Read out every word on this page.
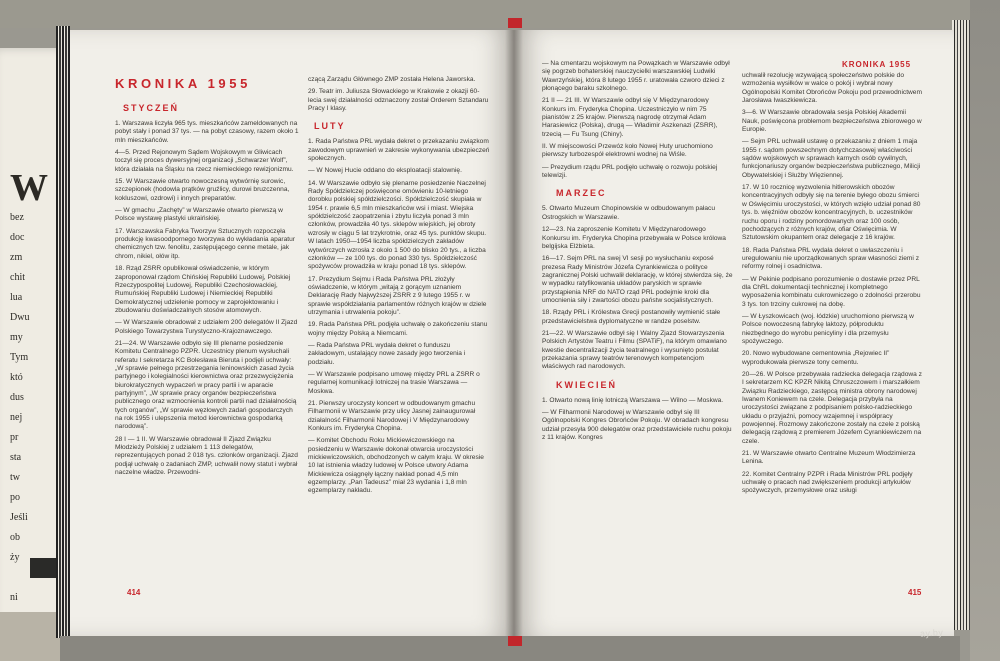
W
bez
doc
zm
chit
lua
Dwu
my
Tym
któ
dus
nej
pr
sta
tw
po
Jeśli
ob
ży

ni
KRONIKA 1955
STYCZEŃ

1. Warszawa liczyła 965 tys. mieszkańców zameldowanych na pobyt stały i ponad 37 tys. — na pobyt czasowy, razem około 1 mln mieszkańców.

4—5. Przed Rejonowym Sądem Wojskowym w Gliwicach toczył się proces dywersyjnej organizacji „Schwarzer Wolf”, która działała na Śląsku na rzecz niemieckiego rewizjonizmu.

15. W Warszawie otwarto nowoczesną wytwórnię surowic, szczepionek (hodowla prątków gruźlicy, durowi bruzczenna, kokluszowi, ozdrowi) i innych preparatów.

— W gmachu „Zachęty” w Warszawie otwarto pierwszą w Polsce wystawę plastyki ukraińskiej.

17. Warszawska Fabryka Tworzyw Sztucznych rozpoczęła produkcję kwasoodpornego tworzywa do wykładania aparatur chemicznych tzw. fenolitu, zastępującego cenne metale, jak chrom, nikiel, ołów itp.

18. Rząd ZSRR opublikował oświadczenie, w którym zaproponował rządom Chińskiej Republiki Ludowej, Polskiej Rzeczypospolitej Ludowej, Republiki Czechosłowackiej, Rumuńskiej Republiki Ludowej i Niemieckiej Republiki Demokratycznej udzielenie pomocy w zaprojektowaniu i zbudowaniu doświadczalnych stosów atomowych.

— W Warszawie obradował z udziałem 200 delegatów II Zjazd Polskiego Towarzystwa Turystyczno-Krajoznawczego.

21—24. W Warszawie odbyło się III plenarne posiedzenie Komitetu Centralnego PZPR. Uczestnicy plenum wysłuchali referatu I sekretarza KC Bolesława Bieruta i podjęli uchwały: „W sprawie pełnego przestrzegania leninowskich zasad życia partyjnego i kolegialności kierownictwa oraz przezwyciężenia biurokratycznych wypaczeń w pracy partii i w aparacie partyjnym”, „W sprawie pracy organów bezpieczeństwa publicznego oraz wzmocnienia kontroli partii nad działalnością tych organów”, „W sprawie węzłowych zadań gospodarczych na rok 1955 i ulepszenia metod kierownictwa gospodarką narodową”.

28 I — 1 II. W Warszawie obradował II Zjazd Związku Młodzieży Polskiej z udziałem 1 113 delegatów, reprezentujących ponad 2 018 tys. członków organizacji. Zjazd podjął uchwałę o zadaniach ZMP, uchwalił nowy statut i wybrał naczelne władze. Przewodni-

414

czącą Zarządu Głównego ZMP została Helena Jaworska.

29. Teatr im. Juliusza Słowackiego w Krakowie z okazji 60-lecia swej działalności odznaczony został Orderem Sztandaru Pracy I klasy.

LUTY

1. Rada Państwa PRL wydała dekret o przekazaniu związkom zawodowym uprawnień w zakresie wykonywania ubezpieczeń społecznych.

— W Nowej Hucie oddano do eksploatacji stalownię.

14. W Warszawie odbyło się plenarne posiedzenie Naczelnej Rady Spółdzielczej poświęcone omówieniu 10-letniego dorobku polskiej spółdzielczości. Spółdzielczość skupiała w 1954 r. prawie 6,5 mln mieszkańców wsi i miast. Wiejska spółdzielczość zaopatrzenia i zbytu liczyła ponad 3 mln członków, prowadziła 40 tys. sklepów wiejskich, jej obroty wzrosły w ciągu 5 lat trzykrotnie, oraz 45 tys. punktów skupu. W latach 1950—1954 liczba spółdzielczych zakładów wytwórczych wzrosła z około 1 500 do blisko 20 tys., a liczba członków — ze 100 tys. do ponad 330 tys. Spółdzielczość spożywców prowadziła w kraju ponad 18 tys. sklepów.

17. Prezydium Sejmu i Rada Państwa PRL złożyły oświadczenie, w którym „witają z gorącym uznaniem Deklarację Rady Najwyższej ZSRR z 9 lutego 1955 r. w sprawie współdziałania parlamentów różnych krajów w dziele utrzymania i utrwalenia pokoju”.

19. Rada Państwa PRL podjęła uchwałę o zakończeniu stanu wojny między Polską a Niemcami.

— Rada Państwa PRL wydała dekret o funduszu zakładowym, ustalający nowe zasady jego tworzenia i podziału.

— W Warszawie podpisano umowę między PRL a ZSRR o regularnej komunikacji lotniczej na trasie Warszawa — Moskwa.

21. Pierwszy uroczysty koncert w odbudowanym gmachu Filharmonii w Warszawie przy ulicy Jasnej zainaugurował działalność Filharmonii Narodowej i V Międzynarodowy Konkurs im. Fryderyka Chopina.

— Komitet Obchodu Roku Mickiewiczowskiego na posiedzeniu w Warszawie dokonał otwarcia uroczystości mickiewiczowskich, obchodzonych w całym kraju. W okresie 10 lat istnienia władzy ludowej w Polsce utwory Adama Mickiewicza osiągnęły łączny nakład ponad 4,5 mln egzemplarzy. „Pan Tadeusz” miał 23 wydania i 1,8 mln egzemplarzy nakładu.

— Na cmentarzu wojskowym na Powązkach w Warszawie odbył się pogrzeb bohaterskiej nauczycielki warszawskiej Ludwiki Wawrzyńskiej, która 8 lutego 1955 r. uratowała czworo dzieci z płonącego baraku szkolnego.

21 II — 21 III. W Warszawie odbył się V Międzynarodowy Konkurs im. Fryderyka Chopina. Uczestniczyło w nim 75 pianistów z 25 krajów. Pierwszą nagrodę otrzymał Adam Harasiewicz (Polska), drugą — Władimir Aszkenazi (ZSRR), trzecią — Fu Tsung (Chiny).

II. W miejscowości Przewóz koło Nowej Huty uruchomiono pierwszy turbozespół elektrowni wodnej na Wiśle.

— Prezydium rządu PRL podjęło uchwałę o rozwoju polskiej telewizji.

MARZEC

5. Otwarto Muzeum Chopinowskie w odbudowanym pałacu Ostrogskich w Warszawie.

12—23. Na zaproszenie Komitetu V Międzynarodowego Konkursu im. Fryderyka Chopina przebywała w Polsce królowa belgijska Elżbieta.

16—17. Sejm PRL na swej VI sesji po wysłuchaniu exposé prezesa Rady Ministrów Józefa Cyrankiewicza o polityce zagranicznej Polski uchwalił deklarację, w której stwierdza się, że w wypadku ratyfikowania układów paryskich w sprawie przystąpienia NRF do NATO rząd PRL podejmie kroki dla umocnienia siły i zwartości obozu państw socjalistycznych.

18. Rządy PRL i Królestwa Grecji postanowiły wymienić stałe przedstawicielstwa dyplomatyczne w randze poselstw.

21—22. W Warszawie odbył się I Walny Zjazd Stowarzyszenia Polskich Artystów Teatru i Filmu (SPATiF), na którym omawiano kwestie decentralizacji życia teatralnego i wysunięto postulat przekazania sprawy teatrów terenowych kompetencjom właściwych rad narodowych.

KWIECIEŃ

1. Otwarto nową linię lotniczą Warszawa — Wilno — Moskwa.

— W Filharmonii Narodowej w Warszawie odbył się III Ogólnopolski Kongres Obrońców Pokoju. W obradach kongresu udział przesyła 900 delegatów oraz przedstawiciele ruchu pokoju z 11 krajów. Kongres

KRONIKA 1955

uchwalił rezolucję wzywającą społeczeństwo polskie do wzmożenia wysiłków w walce o pokój i wybrał nowy Ogólnopolski Komitet Obrońców Pokoju pod przewodnictwem Jarosława Iwaszkiewicza.

3—6. W Warszawie obradowała sesja Polskiej Akademii Nauk, poświęcona problemom bezpieczeństwa zbiorowego w Europie.

— Sejm PRL uchwalił ustawę o przekazaniu z dniem 1 maja 1955 r. sądom powszechnym dotychczasowej właściwości sądów wojskowych w sprawach karnych osób cywilnych, funkcjonariuszy organów bezpieczeństwa publicznego, Milicji Obywatelskiej i Służby Więziennej.

17. W 10 rocznicę wyzwolenia hitlerowskich obozów koncentracyjnych odbyły się na terenie byłego obozu śmierci w Oświęcimiu uroczystości, w których wzięło udział ponad 80 tys. b. więźniów obozów koncentracyjnych, b. uczestników ruchu oporu i rodziny pomordowanych oraz 100 osób, pochodzących z różnych krajów, ofiar Oświęcimia. W Sztutowskim okupantem oraz delegacje z 16 krajów.

18. Rada Państwa PRL wydała dekret o uwłaszczeniu i uregulowaniu nie uporządkowanych spraw własności ziemi z reformy rolnej i osadnictwa.

— W Pekinie podpisano porozumienie o dostawie przez PRL dla ChRL dokumentacji technicznej i kompletnego wyposażenia kombinatu cukrowniczego o zdolności przerobu 3 tys. ton trzciny cukrowej na dobę.

— W Łyszkowicach (woj. łódzkie) uruchomiono pierwszą w Polsce nowoczesną fabrykę laktozy, półproduktu niezbędnego do wyrobu penicyliny i dla przemysłu spożywczego.

20. Nowo wybudowane cementownia „Rejowiec II” wyprodukowała pierwsze tony cementu.

20—26. W Polsce przebywała radziecka delegacja rządowa z I sekretarzem KC KPZR Nikitą Chruszczowem i marszałkiem Związku Radzieckiego, zastępcą ministra obrony narodowej Iwanem Koniewem na czele. Delegacja przybyła na uroczystości związane z podpisaniem polsko-radzieckiego układu o przyjaźni, pomocy wzajemnej i współpracy powojennej. Rozmowy zakończone zostały na czele z polską delegacją rządową z premierem Józefem Cyrankiewiczem na czele.

21. W Warszawie otwarto Centralne Muzeum Włodzimierza Lenina.

22. Komitet Centralny PZPR i Rada Ministrów PRL podjęły uchwałę o pracach nad zwiększeniem produkcji artykułów spożywczych, przemysłowe oraz usługi

415
ay.by
